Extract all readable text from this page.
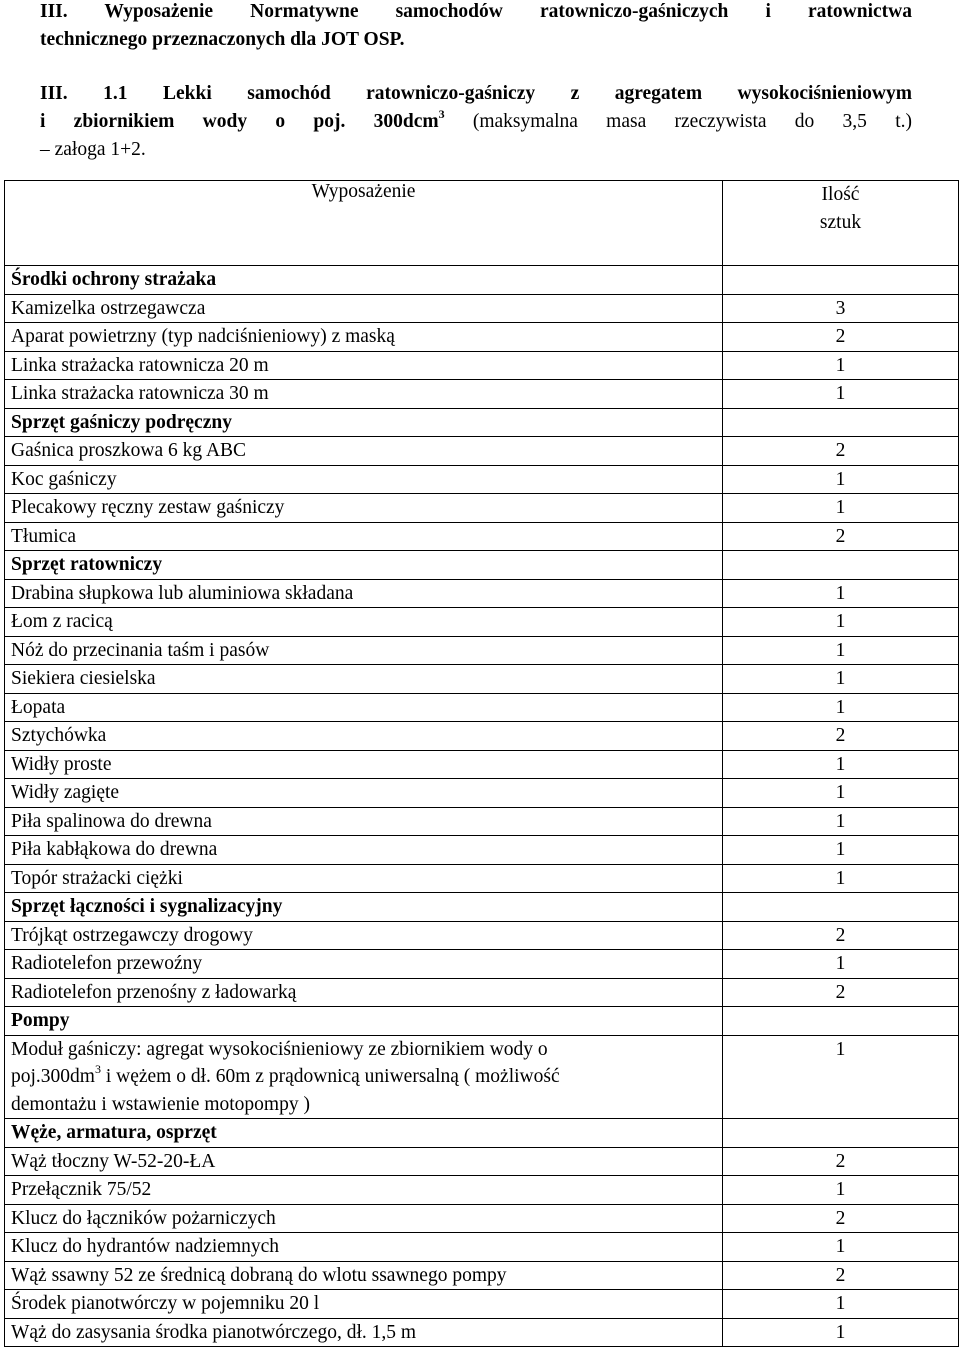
III. Wyposażenie Normatywne samochodów ratowniczo-gaśniczych i ratownictwa
technicznego przeznaczonych dla JOT OSP.
III. 1.1 Lekki samochód ratowniczo-gaśniczy z agregatem wysokociśnieniowym
i zbiornikiem wody o poj. 300dcm$^3$ (maksymalna masa rzeczywista do 3,5 t.)
– załoga 1+2.
Wyposażenie	Ilość
sztuk
Środki ochrony strażaka	
Kamizelka ostrzegawcza	3
Aparat powietrzny (typ nadciśnieniowy) z maską	2
Linka strażacka ratownicza 20 m	1
Linka strażacka ratownicza 30 m	1
Sprzęt gaśniczy podręczny	
Gaśnica proszkowa 6 kg ABC	2
Koc gaśniczy	1
Plecakowy ręczny zestaw gaśniczy	1
Tłumica	2
Sprzęt ratowniczy	
Drabina słupkowa lub aluminiowa składana	1
Łom z racicą	1
Nóż do przecinania taśm i pasów	1
Siekiera ciesielska	1
Łopata	1
Sztychówka	2
Widły proste	1
Widły zagięte	1
Piła spalinowa do drewna	1
Piła kabłąkowa do drewna	1
Topór strażacki ciężki	1
Sprzęt łączności i sygnalizacyjny	
Trójkąt ostrzegawczy drogowy	2
Radiotelefon przewoźny	1
Radiotelefon przenośny z ładowarką	2
Pompy	
Moduł gaśniczy: agregat wysokociśnieniowy ze zbiornikiem wody o
$poj.300dm^3$ i wężem o dł. 60m z prądownicą uniwersalną ( możliwość
demontażu i wstawienie motopompy )	1
Węże, armatura, osprzęt	
Wąż tłoczny W-52-20-ŁA	2
Przełącznik 75/52	1
Klucz do łączników pożarniczych	2
Klucz do hydrantów nadziemnych	1
Wąż ssawny 52 ze średnicą dobraną do wlotu ssawnego pompy	2
Środek pianotwórczy w pojemniku 20 l	1
Wąż do zasysania środka pianotwórczego, dł. 1,5 m	1
